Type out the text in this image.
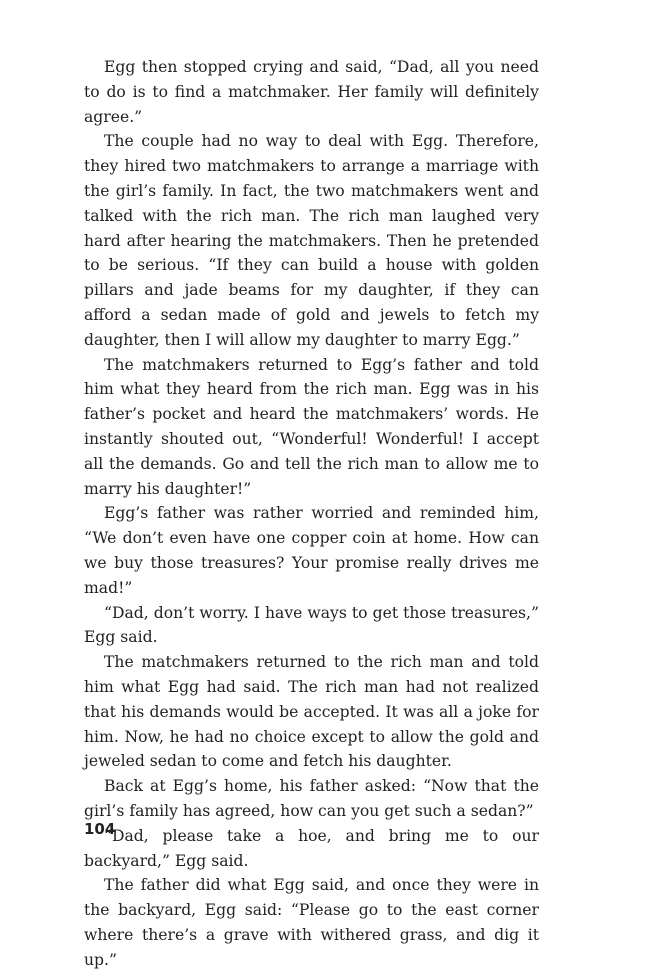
Egg then stopped crying and said, “Dad, all you need to do is to find a matchmaker. Her family will definitely agree.”

The couple had no way to deal with Egg. Therefore, they hired two matchmakers to arrange a marriage with the girl’s family. In fact, the two matchmakers went and talked with the rich man. The rich man laughed very hard after hearing the matchmakers. Then he pretended to be serious. “If they can build a house with golden pillars and jade beams for my daughter, if they can afford a sedan made of gold and jewels to fetch my daughter, then I will allow my daughter to marry Egg.”

The matchmakers returned to Egg’s father and told him what they heard from the rich man. Egg was in his father’s pocket and heard the matchmakers’ words. He instantly shouted out, “Wonderful! Wonderful! I accept all the demands. Go and tell the rich man to allow me to marry his daughter!”

Egg’s father was rather worried and reminded him, “We don’t even have one copper coin at home. How can we buy those treasures? Your promise really drives me mad!”

“Dad, don’t worry. I have ways to get those treasures,” Egg said.

The matchmakers returned to the rich man and told him what Egg had said. The rich man had not realized that his demands would be accepted. It was all a joke for him. Now, he had no choice except to allow the gold and jeweled sedan to come and fetch his daughter.

Back at Egg’s home, his father asked: “Now that the girl’s family has agreed, how can you get such a sedan?”

“Dad, please take a hoe, and bring me to our backyard,” Egg said.

The father did what Egg said, and once they were in the backyard, Egg said: “Please go to the east corner where there’s a grave with withered grass, and dig it up.”

104
